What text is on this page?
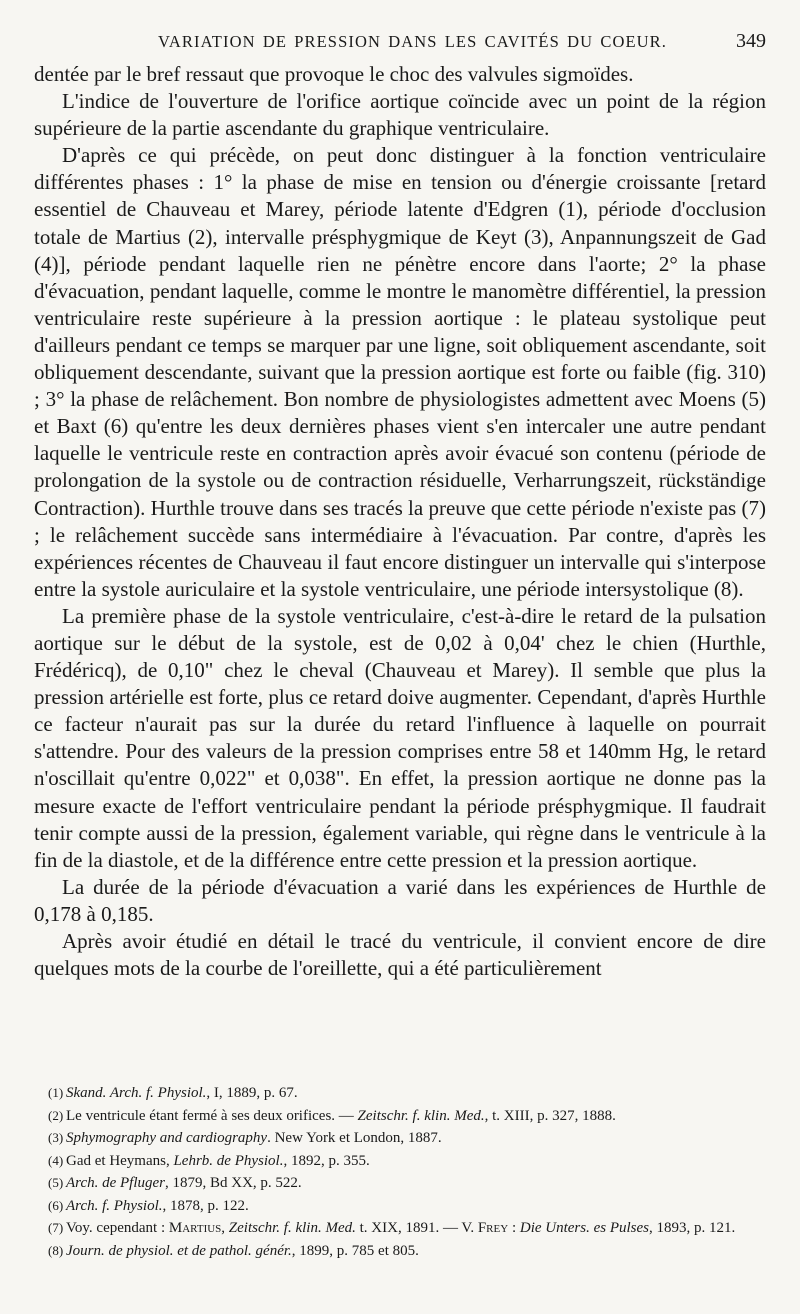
VARIATION DE PRESSION DANS LES CAVITÉS DU COEUR.	349

dentée par le bref ressaut que provoque le choc des valvules sigmoïdes.

L'indice de l'ouverture de l'orifice aortique coïncide avec un point de la région supérieure de la partie ascendante du graphique ventriculaire.

D'après ce qui précède, on peut donc distinguer à la fonction ventriculaire différentes phases : 1° la phase de mise en tension ou d'énergie croissante [retard essentiel de Chauveau et Marey, période latente d'Edgren (1), période d'occlusion totale de Martius (2), intervalle présphygmique de Keyt (3), Anpannungszeit de Gad (4)], période pendant laquelle rien ne pénètre encore dans l'aorte; 2° la phase d'évacuation, pendant laquelle, comme le montre le manomètre différentiel, la pression ventriculaire reste supérieure à la pression aortique : le plateau systolique peut d'ailleurs pendant ce temps se marquer par une ligne, soit obliquement ascendante, soit obliquement descendante, suivant que la pression aortique est forte ou faible (fig. 310) ; 3° la phase de relâchement. Bon nombre de physiologistes admettent avec Moens (5) et Baxt (6) qu'entre les deux dernières phases vient s'en intercaler une autre pendant laquelle le ventricule reste en contraction après avoir évacué son contenu (période de prolongation de la systole ou de contraction résiduelle, Verharrungszeit, rückständige Contraction). Hurthle trouve dans ses tracés la preuve que cette période n'existe pas (7) ; le relâchement succède sans intermédiaire à l'évacuation. Par contre, d'après les expériences récentes de Chauveau il faut encore distinguer un intervalle qui s'interpose entre la systole auriculaire et la systole ventriculaire, une période intersystolique (8).

La première phase de la systole ventriculaire, c'est-à-dire le retard de la pulsation aortique sur le début de la systole, est de 0,02 à 0,04' chez le chien (Hurthle, Frédéricq), de 0,10" chez le cheval (Chauveau et Marey). Il semble que plus la pression artérielle est forte, plus ce retard doive augmenter. Cependant, d'après Hurthle ce facteur n'aurait pas sur la durée du retard l'influence à laquelle on pourrait s'attendre. Pour des valeurs de la pression comprises entre 58 et 140mm Hg, le retard n'oscillait qu'entre 0,022" et 0,038". En effet, la pression aortique ne donne pas la mesure exacte de l'effort ventriculaire pendant la période présphygmique. Il faudrait tenir compte aussi de la pression, également variable, qui règne dans le ventricule à la fin de la diastole, et de la différence entre cette pression et la pression aortique.

La durée de la période d'évacuation a varié dans les expériences de Hurthle de 0,178 à 0,185.

Après avoir étudié en détail le tracé du ventricule, il convient encore de dire quelques mots de la courbe de l'oreillette, qui a été particulièrement

(1) Skand. Arch. f. Physiol., I, 1889, p. 67.

(2) Le ventricule étant fermé à ses deux orifices. — Zeitschr. f. klin. Med., t. XIII, p. 327, 1888.

(3) Sphymography and cardiography. New York et London, 1887.

(4) Gad et Heymans, Lehrb. de Physiol., 1892, p. 355.

(5) Arch. de Pfluger, 1879, Bd XX, p. 522.

(6) Arch. f. Physiol., 1878, p. 122.

(7) Voy. cependant : Martius, Zeitschr. f. klin. Med. t. XIX, 1891. — V. Frey : Die Unters. es Pulses, 1893, p. 121.

(8) Journ. de physiol. et de pathol. génér., 1899, p. 785 et 805.
